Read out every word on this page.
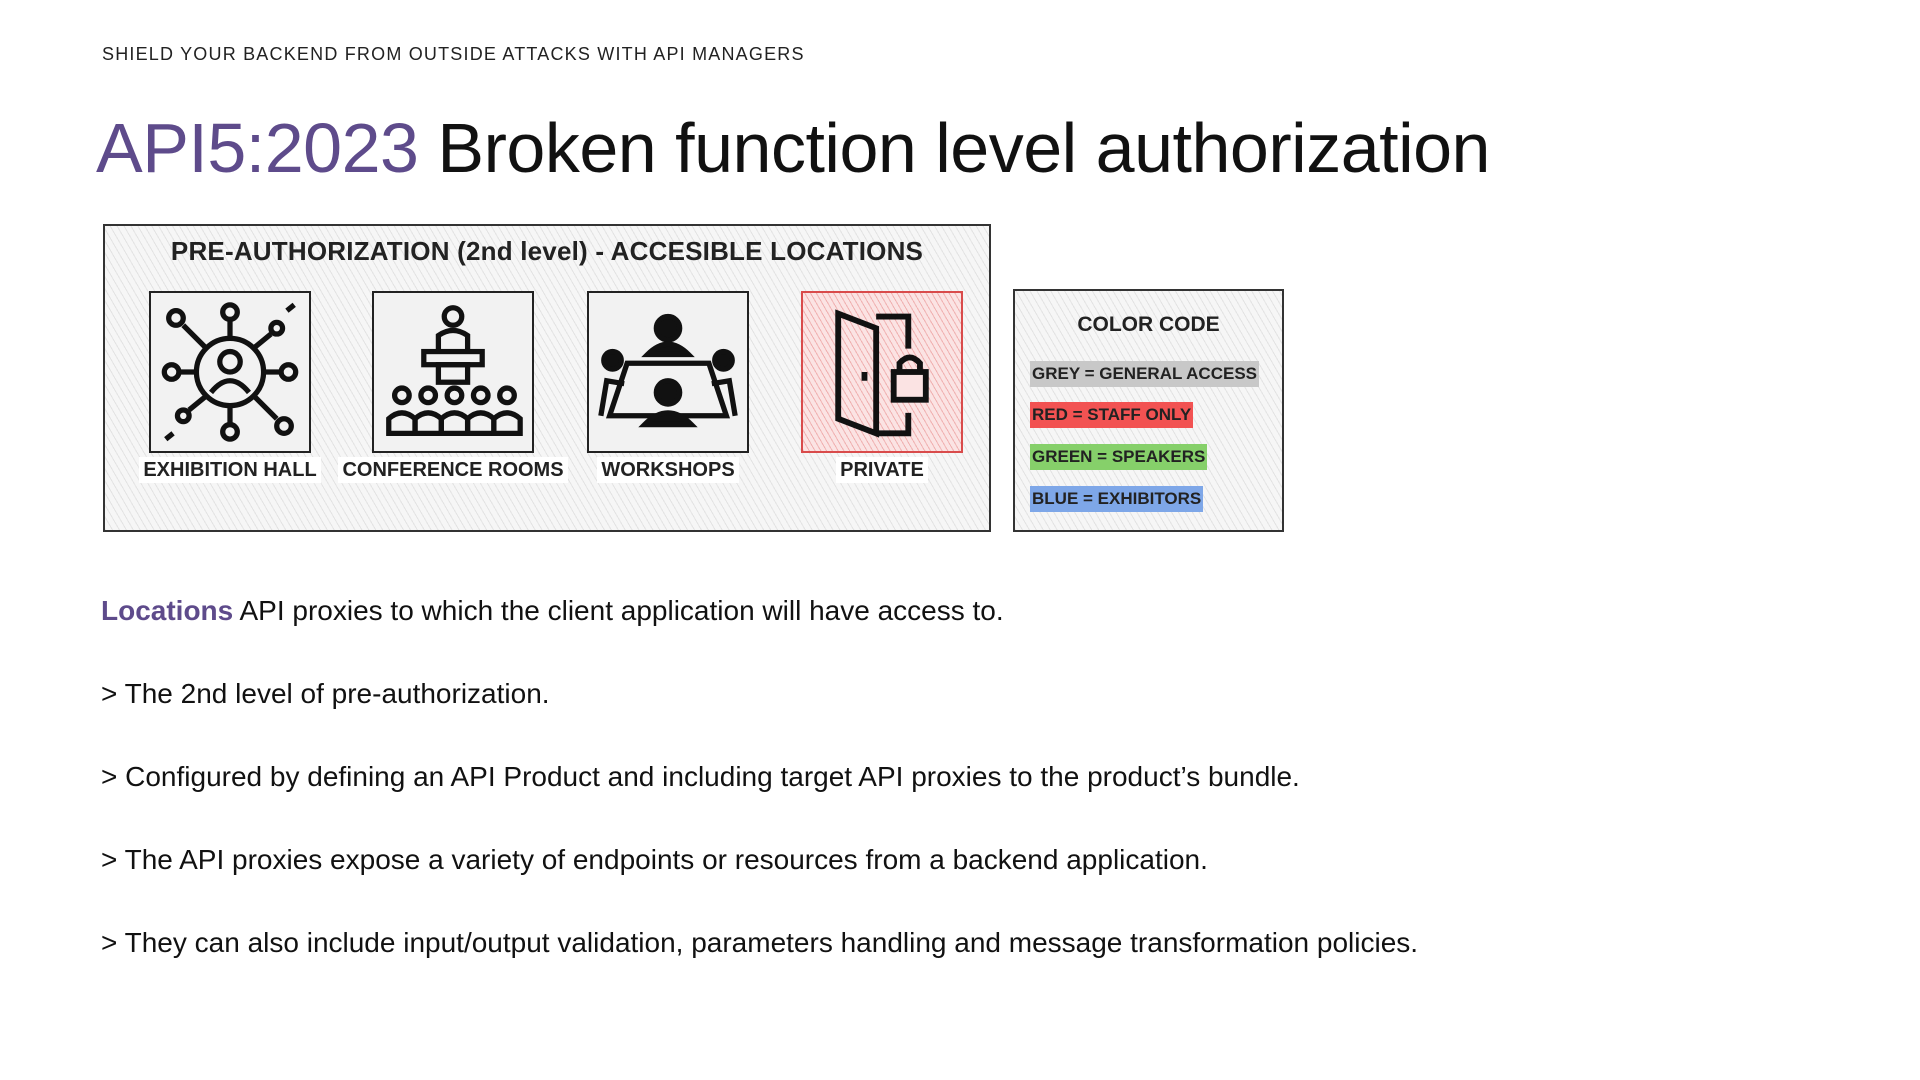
SHIELD YOUR BACKEND FROM OUTSIDE ATTACKS WITH API MANAGERS
API5:2023 Broken function level authorization
PRE-AUTHORIZATION (2nd level) - ACCESIBLE LOCATIONS
EXHIBITION HALL	CONFERENCE ROOMS	WORKSHOPS	PRIVATE
COLOR CODE
GREY = GENERAL ACCESS
RED = STAFF ONLY
GREEN = SPEAKERS
BLUE = EXHIBITORS

Locations API proxies to which the client application will have access to.

> The 2nd level of pre-authorization.
> Configured by defining an API Product and including target API proxies to the product’s bundle.
> The API proxies expose a variety of endpoints or resources from a backend application.
> They can also include input/output validation, parameters handling and message transformation policies.
